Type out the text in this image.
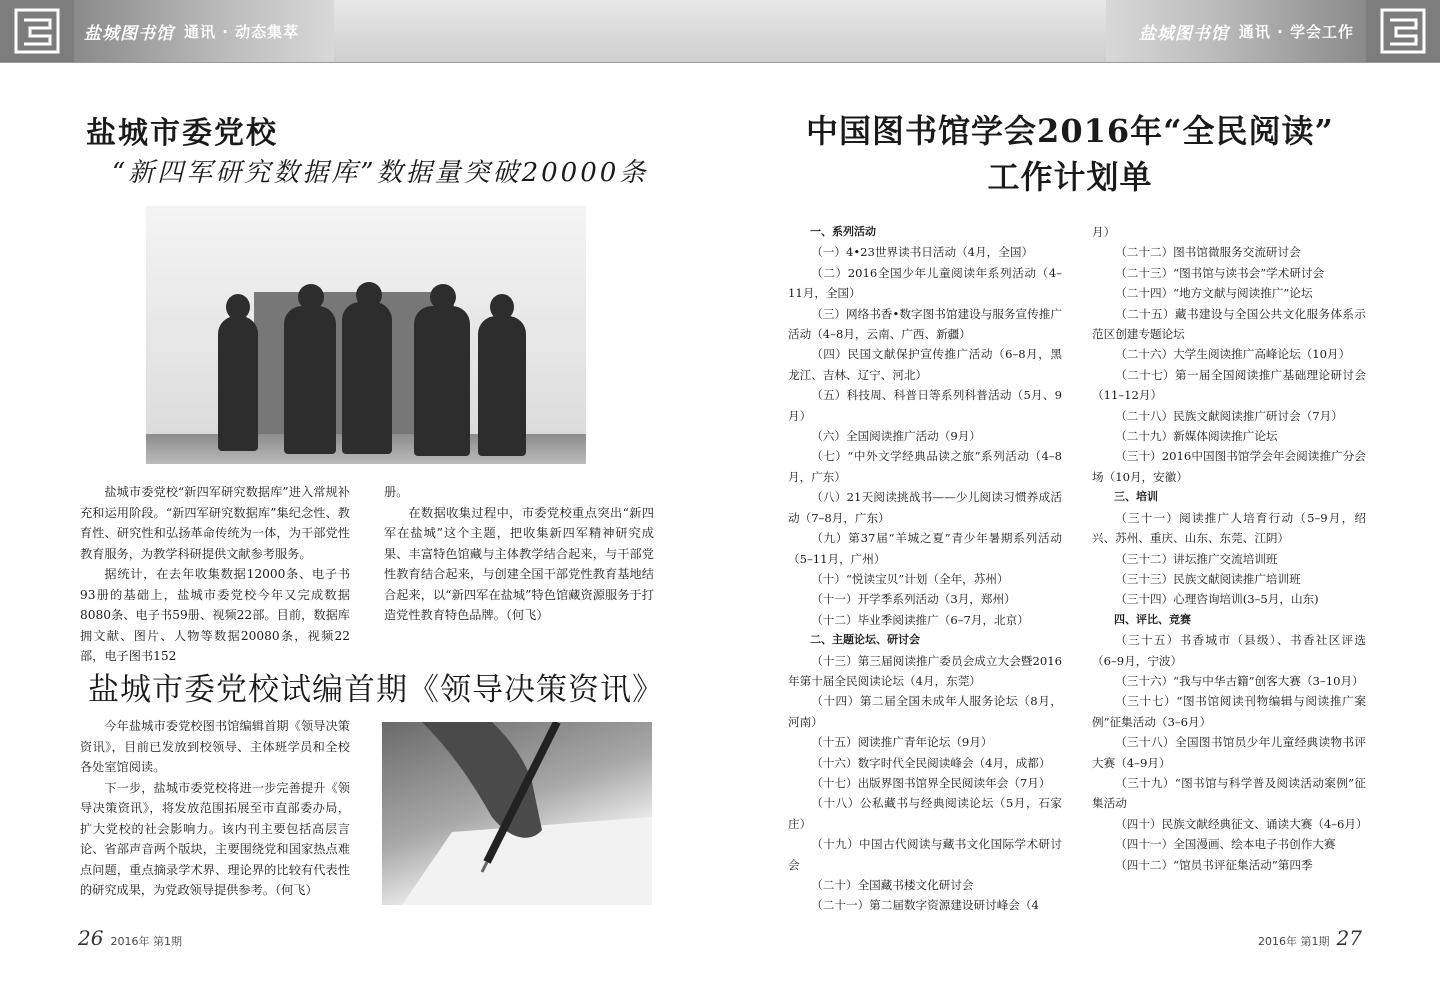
盐城图书馆 通讯 · 动态集萃	盐城图书馆 通讯 · 学会工作
盐城市委党校
“新四军研究数据库”数据量突破20000条

盐城市委党校“新四军研究数据库”进入常规补充和运用阶段。“新四军研究数据库”集纪念性、教育性、研究性和弘扬革命传统为一体，为干部党性教育服务，为教学科研提供文献参考服务。

据统计，在去年收集数据12000条、电子书93册的基础上，盐城市委党校今年又完成数据8080条、电子书59册、视频22部。目前，数据库拥文献、图片、人物等数据20080条，视频22部，电子图书152

册。

在数据收集过程中，市委党校重点突出“新四军在盐城”这个主题，把收集新四军精神研究成果、丰富特色馆藏与主体教学结合起来，与干部党性教育结合起来，与创建全国干部党性教育基地结合起来，以“新四军在盐城”特色馆藏资源服务于打造党性教育特色品牌。（何飞）

盐城市委党校试编首期《领导决策资讯》

今年盐城市委党校图书馆编辑首期《领导决策资讯》，目前已发放到校领导、主体班学员和全校各处室馆阅读。

下一步，盐城市委党校将进一步完善提升《领导决策资讯》，将发放范围拓展至市直部委办局，扩大党校的社会影响力。该内刊主要包括高层言论、省部声音两个版块，主要围绕党和国家热点难点问题，重点摘录学术界、理论界的比较有代表性的研究成果，为党政领导提供参考。（何飞）

中国图书馆学会2016年“全民阅读”
工作计划单

一、系列活动

（一）4•23世界读书日活动（4月，全国）

（二）2016全国少年儿童阅读年系列活动（4–11月，全国）

（三）网络书香•数字图书馆建设与服务宣传推广活动（4–8月，云南、广西、新疆）

（四）民国文献保护宣传推广活动（6–8月，黑龙江、吉林、辽宁、河北）

（五）科技周、科普日等系列科普活动（5月、9月）

（六）全国阅读推广活动（9月）

（七）“中外文学经典品读之旅”系列活动（4–8月，广东）

（八）21天阅读挑战书——少儿阅读习惯养成活动（7–8月，广东）

（九）第37届“羊城之夏”青少年暑期系列活动（5–11月，广州）

（十）“悦读宝贝”计划（全年，苏州）

（十一）开学季系列活动（3月，郑州）

（十二）毕业季阅读推广（6–7月，北京）

二、主题论坛、研讨会

（十三）第三届阅读推广委员会成立大会暨2016年第十届全民阅读论坛（4月，东莞）

（十四）第二届全国未成年人服务论坛（8月，河南）

（十五）阅读推广青年论坛（9月）

（十六）数字时代全民阅读峰会（4月，成都）

（十七）出版界图书馆界全民阅读年会（7月）

（十八）公私藏书与经典阅读论坛（5月，石家庄）

（十九）中国古代阅读与藏书文化国际学术研讨会

（二十）全国藏书楼文化研讨会

（二十一）第二届数字资源建设研讨峰会（4

月）

（二十二）图书馆微服务交流研讨会

（二十三）“图书馆与读书会”学术研讨会

（二十四）“地方文献与阅读推广”论坛

（二十五）藏书建设与全国公共文化服务体系示范区创建专题论坛

（二十六）大学生阅读推广高峰论坛（10月）

（二十七）第一届全国阅读推广基础理论研讨会（11–12月）

（二十八）民族文献阅读推广研讨会（7月）

（二十九）新媒体阅读推广论坛

（三十）2016中国图书馆学会年会阅读推广分会场（10月，安徽）

三、培训

（三十一）阅读推广人培育行动（5–9月，绍兴、苏州、重庆、山东、东莞、江阴）

（三十二）讲坛推广交流培训班

（三十三）民族文献阅读推广培训班

（三十四）心理咨询培训(3–5月，山东)

四、评比、竞赛

（三十五）书香城市（县级）、书香社区评选（6–9月，宁波）

（三十六）“我与中华古籍”创客大赛（3–10月）

（三十七）“图书馆阅读刊物编辑与阅读推广案例”征集活动（3–6月）

（三十八）全国图书馆员少年儿童经典读物书评大赛（4–9月）

（三十九）“图书馆与科学普及阅读活动案例”征集活动

（四十）民族文献经典征文、诵读大赛（4–6月）

（四十一）全国漫画、绘本电子书创作大赛

（四十二）“馆员书评征集活动”第四季

26 2016年 第1期	2016年 第1期 27
